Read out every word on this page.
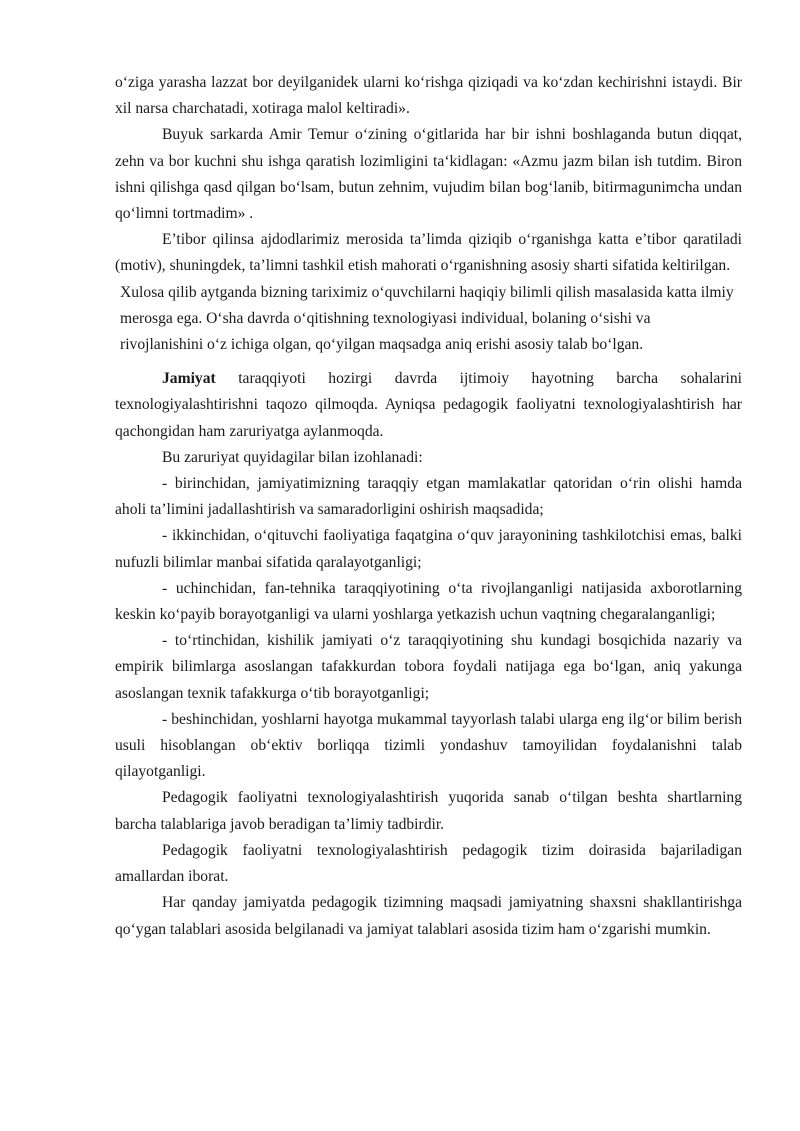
o‘ziga yarasha lazzat bor deyilganidek ularni ko‘rishga qiziqadi va ko‘zdan kechirishni istaydi. Bir xil narsa charchatadi, xotiraga malol keltiradi».

Buyuk sarkarda Amir Temur o‘zining o‘gitlarida har bir ishni boshlaganda butun diqqat, zehn va bor kuchni shu ishga qaratish lozimligini ta‘kidlagan: «Azmu jazm bilan ish tutdim. Biron ishni qilishga qasd qilgan bo‘lsam, butun zehnim, vujudim bilan bog‘lanib, bitirmagunimcha undan qo‘limni tortmadim» .

E’tibor qilinsa ajdodlarimiz merosida ta’limda qiziqib o‘rganishga katta e’tibor qaratiladi (motiv), shuningdek, ta’limni tashkil etish mahorati o‘rganishning asosiy sharti sifatida keltirilgan.

Xulosa qilib aytganda bizning tariximiz o‘quvchilarni haqiqiy bilimli qilish masalasida katta ilmiy merosga ega. O‘sha davrda o‘qitishning texnologiyasi individual, bolaning o‘sishi va rivojlanishini o‘z ichiga olgan, qo‘yilgan maqsadga aniq erishi asosiy talab bo‘lgan.

Jamiyat taraqqiyoti hozirgi davrda ijtimoiy hayotning barcha sohalarini texnologiyalashtirishni taqozo qilmoqda. Ayniqsa pedagogik faoliyatni texnologiyalashtirish har qachongidan ham zaruriyatga aylanmoqda.

Bu zaruriyat quyidagilar bilan izohlanadi:

- birinchidan, jamiyatimizning taraqqiy etgan mamlakatlar qatoridan o‘rin olishi hamda aholi ta’limini jadallashtirish va samaradorligini oshirish maqsadida;

- ikkinchidan, o‘qituvchi faoliyatiga faqatgina o‘quv jarayonining tashkilotchisi emas, balki nufuzli bilimlar manbai sifatida qaralayotganligi;

- uchinchidan, fan-tehnika taraqqiyotining o‘ta rivojlanganligi natijasida axborotlarning keskin ko‘payib borayotganligi va ularni yoshlarga yetkazish uchun vaqtning chegaralanganligi;

- to‘rtinchidan, kishilik jamiyati o‘z taraqqiyotining shu kundagi bosqichida nazariy va empirik bilimlarga asoslangan tafakkurdan tobora foydali natijaga ega bo‘lgan, aniq yakunga asoslangan texnik tafakkurga o‘tib borayotganligi;

- beshinchidan, yoshlarni hayotga mukammal tayyorlash talabi ularga eng ilg‘or bilim berish usuli hisoblangan ob‘ektiv borliqqa tizimli yondashuv tamoyilidan foydalanishni talab qilayotganligi.

Pedagogik faoliyatni texnologiyalashtirish yuqorida sanab o‘tilgan beshta shartlarning barcha talablariga javob beradigan ta’limiy tadbirdir.

Pedagogik faoliyatni texnologiyalashtirish pedagogik tizim doirasida bajariladigan amallardan iborat.

Har qanday jamiyatda pedagogik tizimning maqsadi jamiyatning shaxsni shakllantirishga qo‘ygan talablari asosida belgilanadi va jamiyat talablari asosida tizim ham o‘zgarishi mumkin.
